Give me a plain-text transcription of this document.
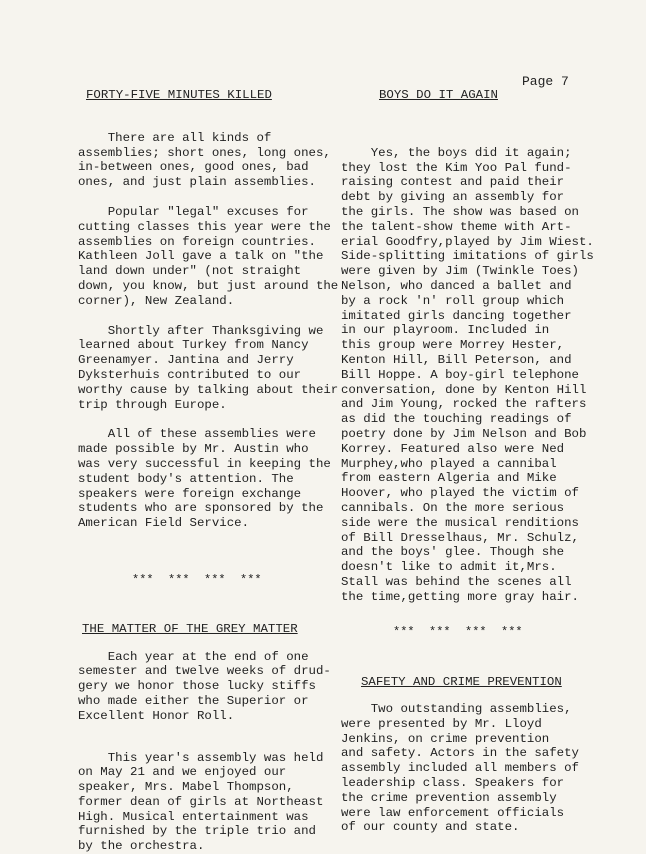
Page 7

FORTY-FIVE MINUTES KILLED

There are all kinds of
assemblies; short ones, long ones,
in-between ones, good ones, bad
ones, and just plain assemblies.

Popular "legal" excuses for
cutting classes this year were the
assemblies on foreign countries.
Kathleen Joll gave a talk on "the
land down under" (not straight
down, you know, but just around the
corner), New Zealand.

Shortly after Thanksgiving we
learned about Turkey from Nancy
Greenamyer. Jantina and Jerry
Dyksterhuis contributed to our
worthy cause by talking about their
trip through Europe.

All of these assemblies were
made possible by Mr. Austin who
was very successful in keeping the
student body's attention. The
speakers were foreign exchange
students who are sponsored by the
American Field Service.

***  ***  ***  ***

THE MATTER OF THE GREY MATTER

Each year at the end of one
semester and twelve weeks of drud-
gery we honor those lucky stiffs
who made either the Superior or
Excellent Honor Roll.

This year's assembly was held
on May 21 and we enjoyed our
speaker, Mrs. Mabel Thompson,
former dean of girls at Northeast
High. Musical entertainment was
furnished by the triple trio and
by the orchestra.

BOYS DO IT AGAIN

Yes, the boys did it again;
they lost the Kim Yoo Pal fund-
raising contest and paid their
debt by giving an assembly for
the girls. The show was based on
the talent-show theme with Art-
erial Goodfry,played by Jim Wiest.
Side-splitting imitations of girls
were given by Jim (Twinkle Toes)
Nelson, who danced a ballet and
by a rock 'n' roll group which
imitated girls dancing together
in our playroom. Included in
this group were Morrey Hester,
Kenton Hill, Bill Peterson, and
Bill Hoppe. A boy-girl telephone
conversation, done by Kenton Hill
and Jim Young, rocked the rafters
as did the touching readings of
poetry done by Jim Nelson and Bob
Korrey. Featured also were Ned
Murphey,who played a cannibal
from eastern Algeria and Mike
Hoover, who played the victim of
cannibals. On the more serious
side were the musical renditions
of Bill Dresselhaus, Mr. Schulz,
and the boys' glee. Though she
doesn't like to admit it,Mrs.
Stall was behind the scenes all
the time,getting more gray hair.

***  ***  ***  ***

SAFETY AND CRIME PREVENTION

Two outstanding assemblies,
were presented by Mr. Lloyd
Jenkins, on crime prevention
and safety. Actors in the safety
assembly included all members of
leadership class. Speakers for
the crime prevention assembly
were law enforcement officials
of our county and state.
